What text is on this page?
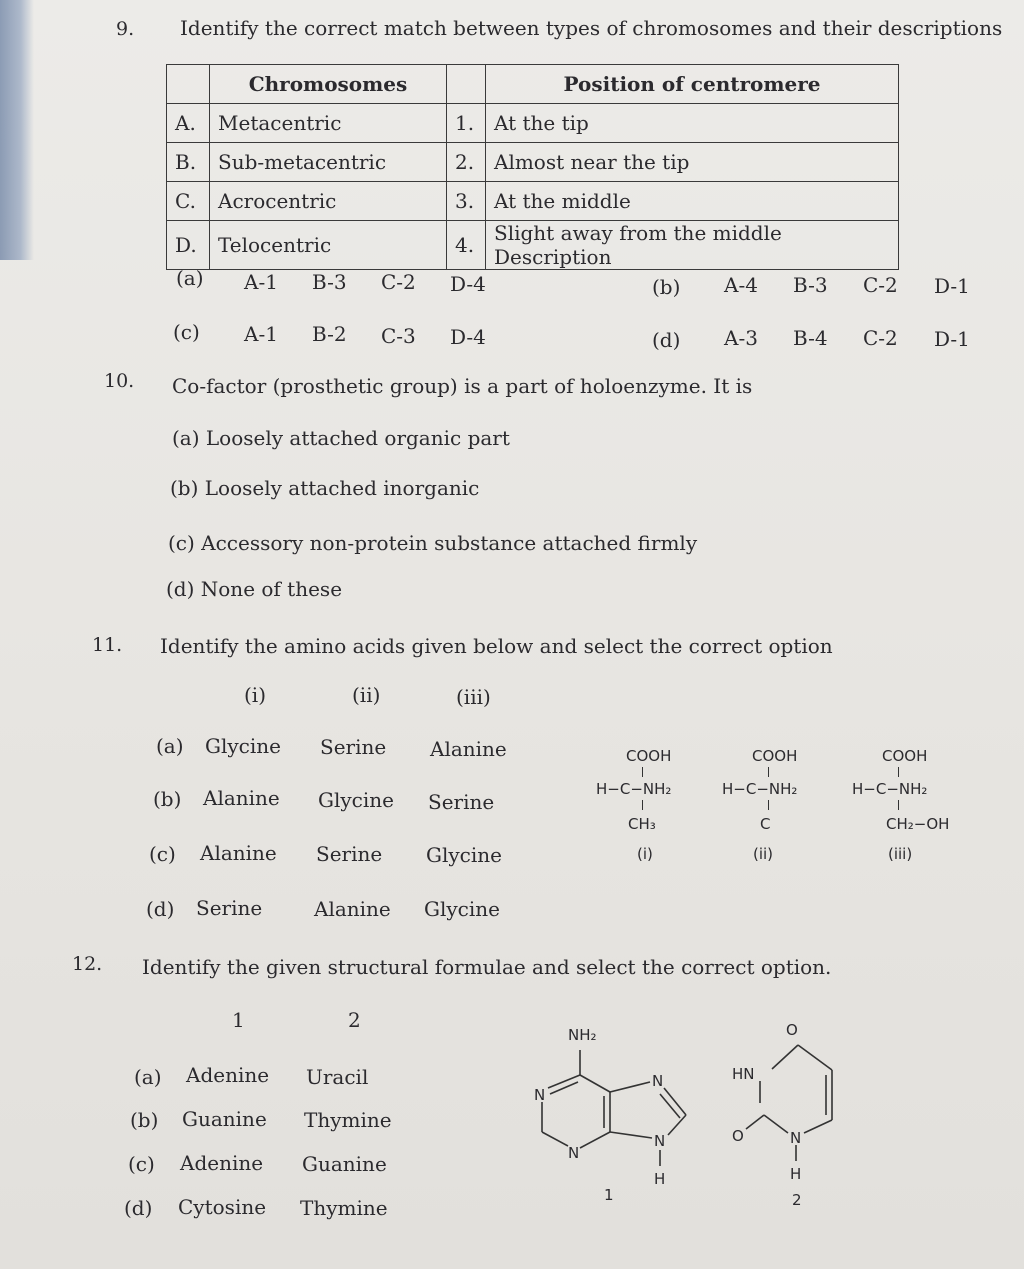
9. Identify the correct match between types of chromosomes and their descriptions
	Chromosomes		Position of centromere
A.	Metacentric	1.	At the tip
B.	Sub-metacentric	2.	Almost near the tip
C.	Acrocentric	3.	At the middle
D.	Telocentric	4.	Slight away from the middle Description
(a) A-1 B-3 C-2 D-4	(b) A-4 B-3 C-2 D-1
(c) A-1 B-2 C-3 D-4	(d) A-3 B-4 C-2 D-1
10. Co-factor (prosthetic group) is a part of holoenzyme. It is
(a) Loosely attached organic part
(b) Loosely attached inorganic
(c) Accessory non-protein substance attached firmly
(d) None of these
11. Identify the amino acids given below and select the correct option
(i)	(ii)	(iii)
(a) Glycine Serine Alanine
(b) Alanine Glycine Serine
(c) Alanine Serine Glycine
(d) Serine	Alanine Glycine
COOH
H−C−NH₂
CH₃
(i)
COOH
H−C−NH₂
C
(ii)
COOH
H−C−NH₂
CH₂−OH
(iii)
12. Identify the given structural formulae and select the correct option.
1	2
(a) Adenine Uracil
(b) Guanine Thymine
(c) Adenine Guanine
(d) Cytosine Thymine
NH₂
N
N
N
N
H
1
O
HN
O	N
H
2
